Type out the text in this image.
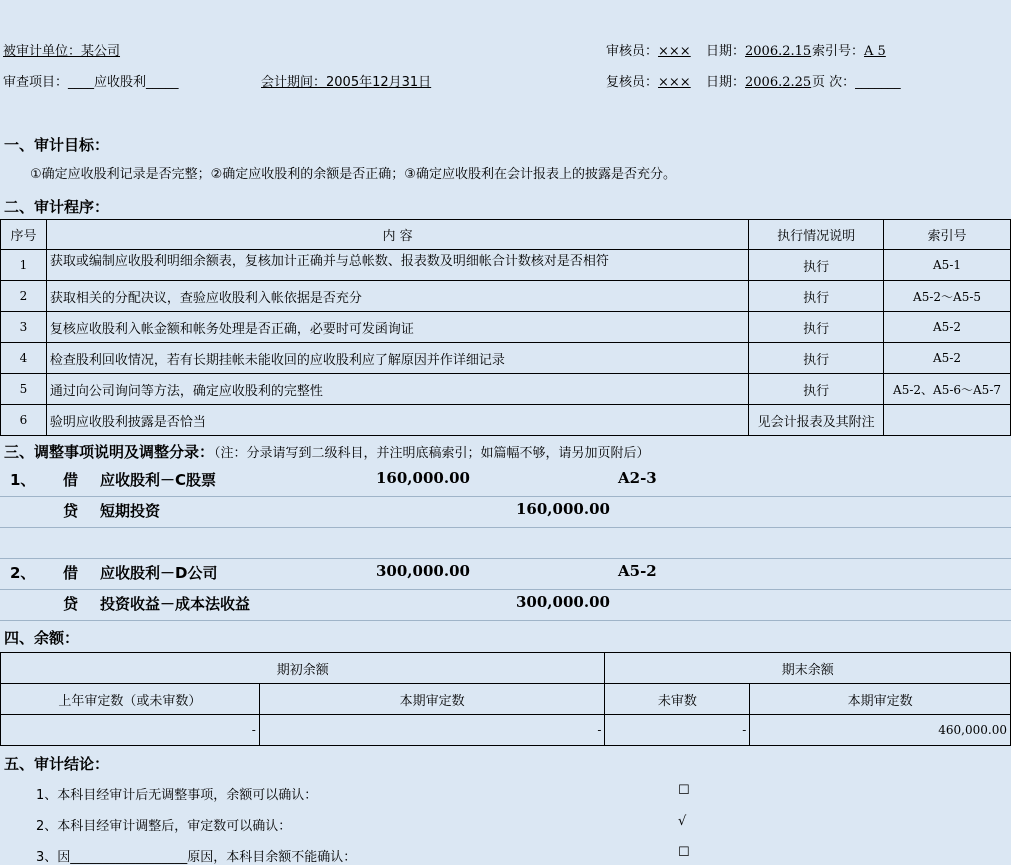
被审计单位：某公司	审核员：××× 日期：2006.2.15 索引号：A 5
审查项目：____应收股利_____	会计期间：2005年12月31日	复核员：××× 日期：2006.2.25 页 次：_______
一、审计目标：
①确定应收股利记录是否完整；②确定应收股利的余额是否正确；③确定应收股利在会计报表上的披露是否充分。
二、审计程序：
序号	内 容	执行情况说明	索引号
1	获取或编制应收股利明细余额表，复核加计正确并与总帐数、报表数及明细帐合计数核对是否相符	执行	A5-1
2	获取相关的分配决议，查验应收股利入帐依据是否充分	执行	A5-2～A5-5
3	复核应收股利入帐金额和帐务处理是否正确，必要时可发函询证	执行	A5-2
4	检查股利回收情况，若有长期挂帐未能收回的应收股利应了解原因并作详细记录	执行	A5-2
5	通过向公司询问等方法，确定应收股利的完整性	执行	A5-2、A5-6～A5-7
6	验明应收股利披露是否恰当	见会计报表及其附注	
三、调整事项说明及调整分录：（注：分录请写到二级科目，并注明底稿索引；如篇幅不够，请另加页附后）
1、 借 应收股利－C股票	160,000.00	A2-3
贷 短期投资	160,000.00
2、 借 应收股利－D公司	300,000.00	A5-2
贷 投资收益－成本法收益	300,000.00
四、余额：
期初余额		期末余额	
上年审定数（或未审数）	本期审定数	未审数	本期审定数
-	-	-	460,000.00
五、审计结论：
1、本科目经审计后无调整事项，余额可以确认：	☐
2、本科目经审计调整后，审定数可以确认：	√
3、因__________________原因，本科目余额不能确认：	☐
